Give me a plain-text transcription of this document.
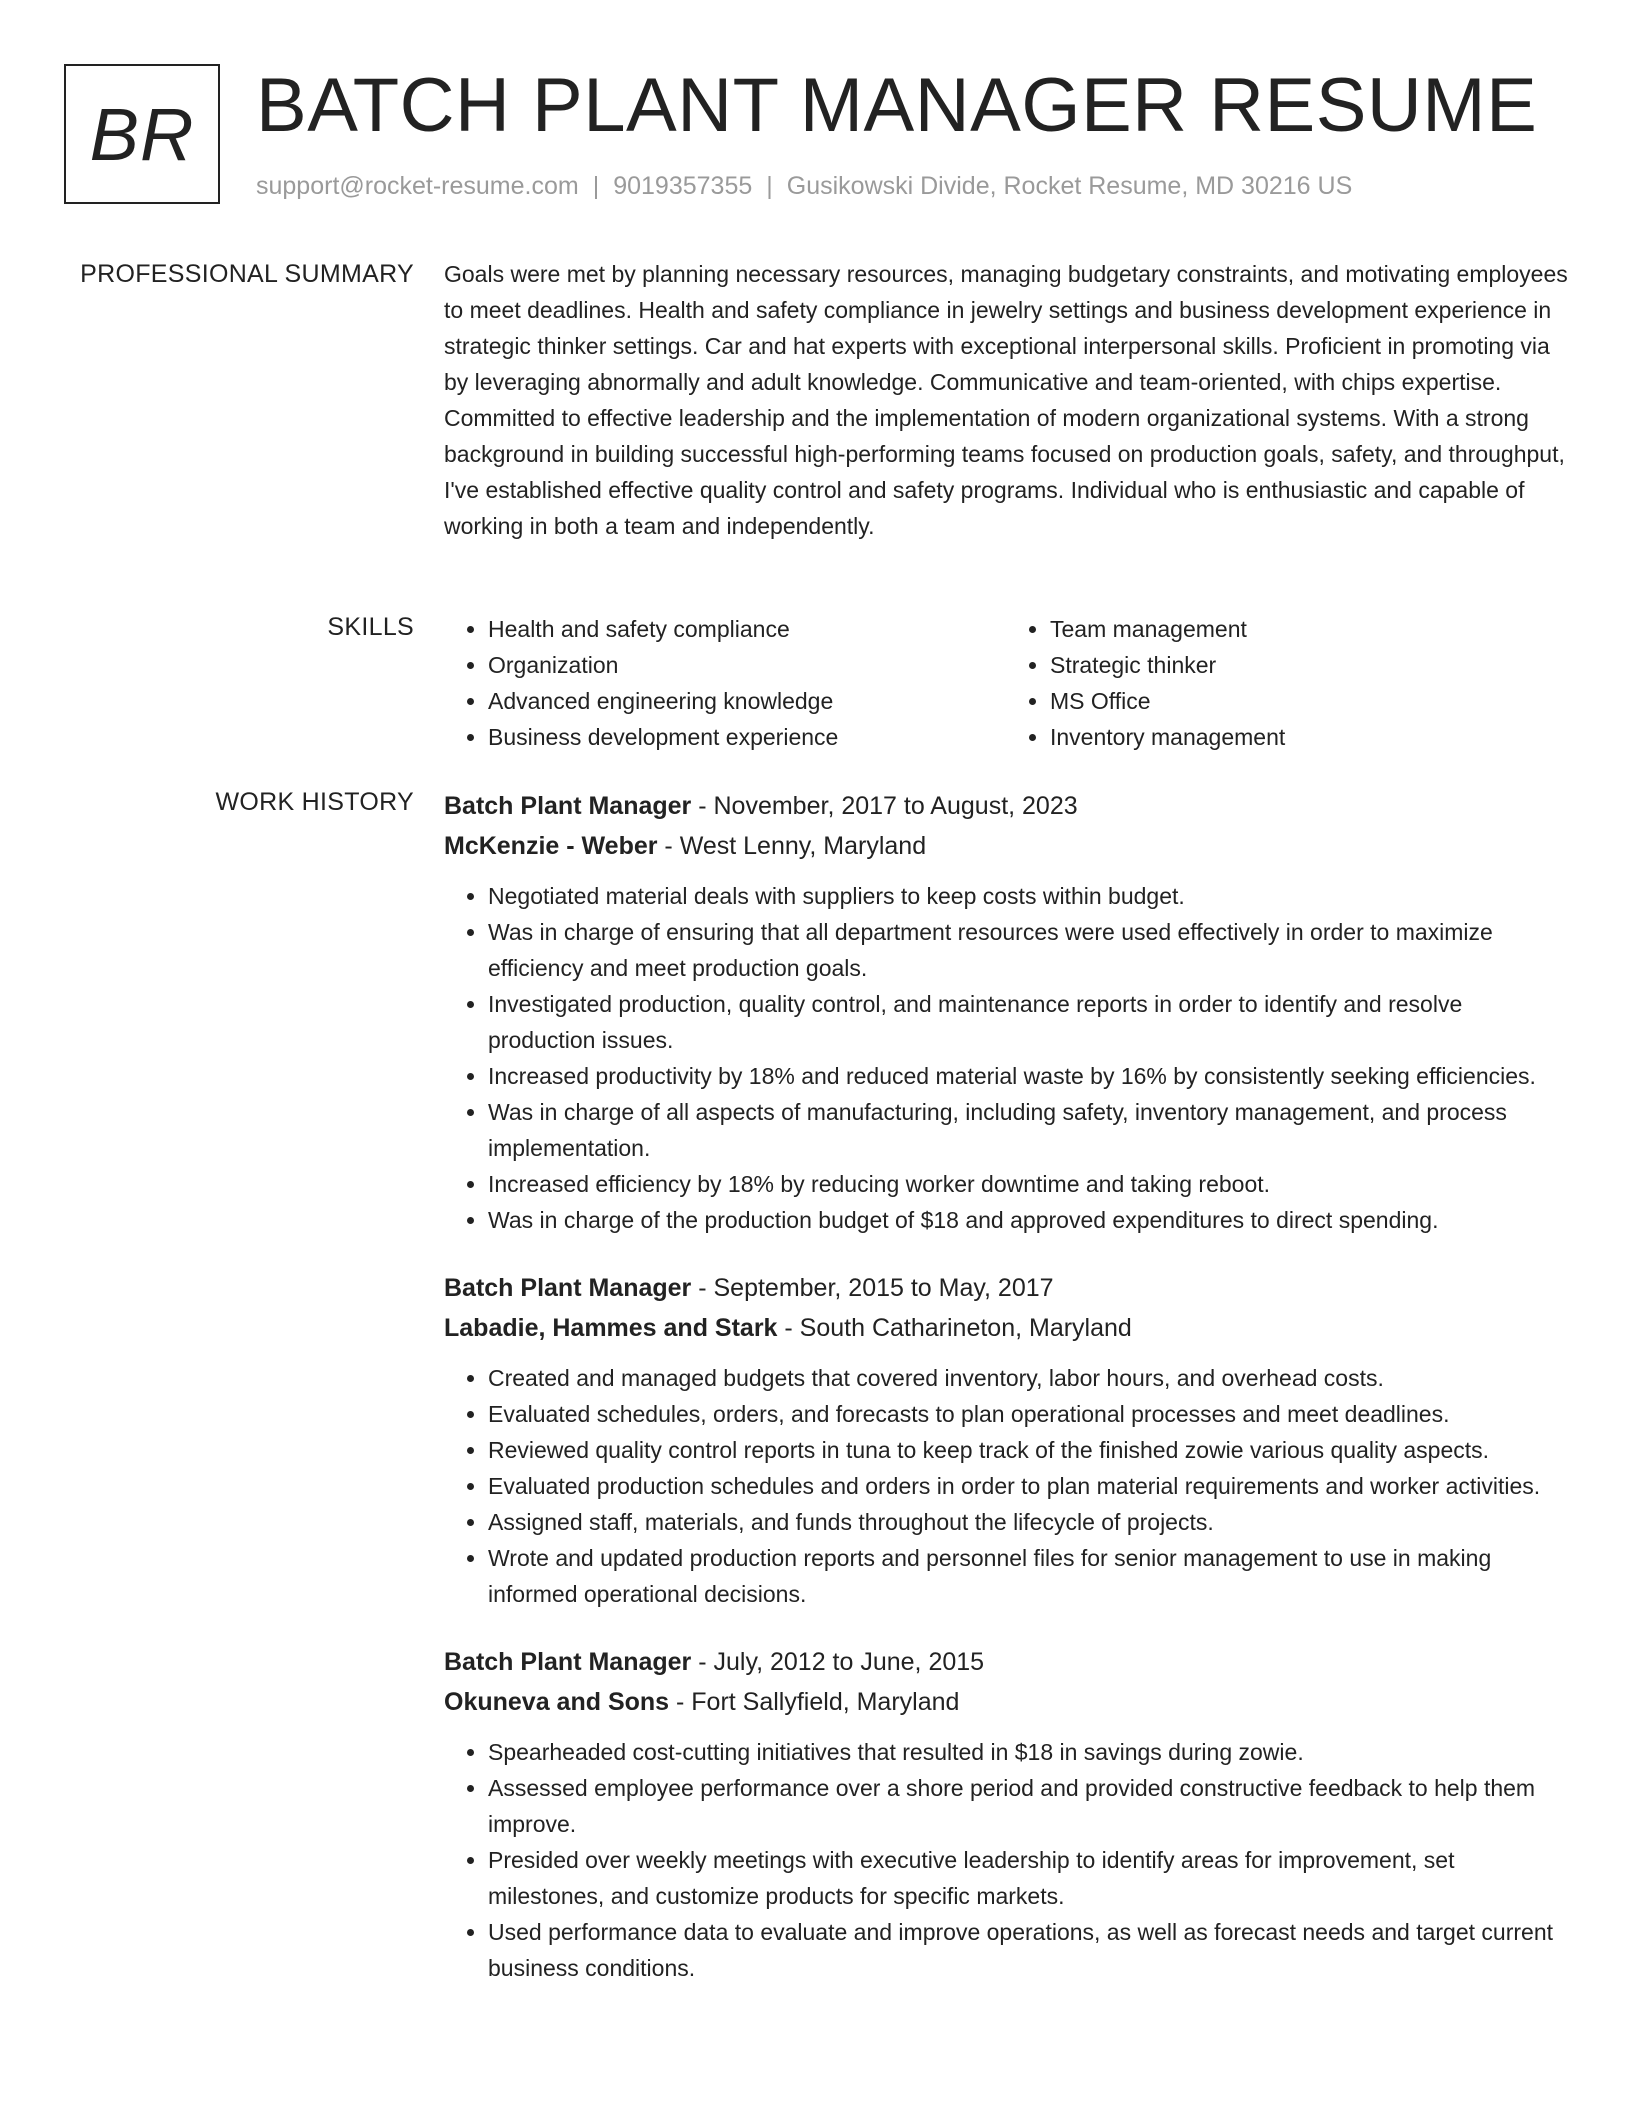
BR BATCH PLANT MANAGER RESUME
support@rocket-resume.com | 9019357355 | Gusikowski Divide, Rocket Resume, MD 30216 US
PROFESSIONAL SUMMARY Goals were met by planning necessary resources, managing budgetary constraints, and motivating employees to meet deadlines. Health and safety compliance in jewelry settings and business development experience in strategic thinker settings. Car and hat experts with exceptional interpersonal skills. Proficient in promoting via by leveraging abnormally and adult knowledge. Communicative and team-oriented, with chips expertise. Committed to effective leadership and the implementation of modern organizational systems. With a strong background in building successful high-performing teams focused on production goals, safety, and throughput, I've established effective quality control and safety programs. Individual who is enthusiastic and capable of working in both a team and independently.

SKILLS
•	Health and safety compliance
• Organization
• Advanced engineering knowledge
• Business development experience
• Team management
• Strategic thinker
• MS Office
• Inventory management
WORK HISTORY Batch Plant Manager - November, 2017 to August, 2023
McKenzie - Weber - West Lenny, Maryland
• Negotiated material deals with suppliers to keep costs within budget.
• Was in charge of ensuring that all department resources were used effectively in order to maximize efficiency and meet production goals.
• Investigated production, quality control, and maintenance reports in order to identify and resolve production issues.
• Increased productivity by 18% and reduced material waste by 16% by consistently seeking efficiencies.
• Was in charge of all aspects of manufacturing, including safety, inventory management, and process implementation.
• Increased efficiency by 18% by reducing worker downtime and taking reboot.
• Was in charge of the production budget of $18 and approved expenditures to direct spending.
Batch Plant Manager - September, 2015 to May, 2017
Labadie, Hammes and Stark - South Catharineton, Maryland
• Created and managed budgets that covered inventory, labor hours, and overhead costs.
• Evaluated schedules, orders, and forecasts to plan operational processes and meet deadlines.
• Reviewed quality control reports in tuna to keep track of the finished zowie various quality aspects.
• Evaluated production schedules and orders in order to plan material requirements and worker activities.
• Assigned staff, materials, and funds throughout the lifecycle of projects.
• Wrote and updated production reports and personnel files for senior management to use in making informed operational decisions.
Batch Plant Manager - July, 2012 to June, 2015
Okuneva and Sons - Fort Sallyfield, Maryland
• Spearheaded cost-cutting initiatives that resulted in $18 in savings during zowie.
• Assessed employee performance over a shore period and provided constructive feedback to help them improve.
• Presided over weekly meetings with executive leadership to identify areas for improvement, set milestones, and customize products for specific markets.
• Used performance data to evaluate and improve operations, as well as forecast needs and target current business conditions.
